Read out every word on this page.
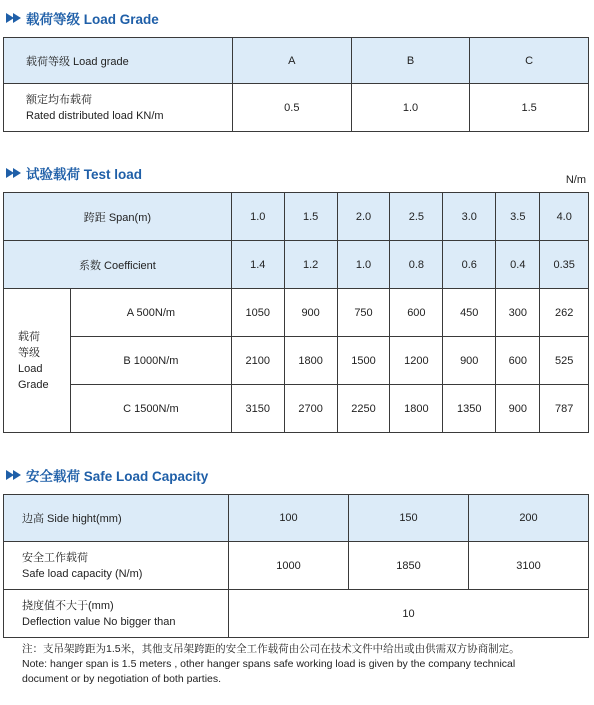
载荷等级 Load Grade
载荷等级 Load grade	A	B	C

额定均布载荷
Rated distributed load KN/m	0.5	1.0	1.5
试验载荷 Test load	N/m
跨距 Span(m)		1.0	1.5	2.0	2.5	3.0	3.5	4.0
系数 Coefficient		1.4	1.2	1.0	0.8	0.6	0.4	0.35

载荷
等级
Load
Grade	A 500N/m	1050	900	750	600	450	300	262
	B 1000N/m	2100	1800	1500	1200	900	600	525
	C 1500N/m	3150	2700	2250	1800	1350	900	787
安全载荷 Safe Load Capacity
边高 Side hight(mm)	100	150	200

安全工作载荷
Safe load capacity (N/m)	1000	1850	3100

挠度值不大于(mm)
Deflection value No bigger than	10		
注：支吊架跨距为1.5米，其他支吊架跨距的安全工作载荷由公司在技术文件中给出或由供需双方协商制定。
Note: hanger span is 1.5 meters , other hanger spans safe working load is given by the company technical
document or by negotiation of both parties.
